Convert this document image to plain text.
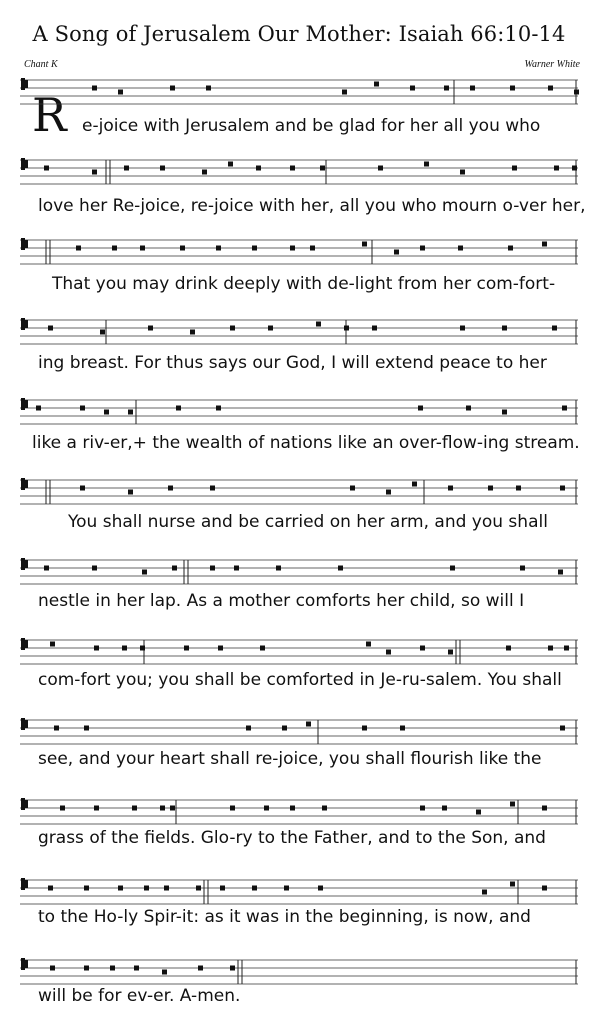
A Song of Jerusalem Our Mother: Isaiah 66:10-14
Chant K	Warner White
R e-joice with Jerusalem and be glad for her all you who
love her Re-joice, re-joice with her, all you who mourn o-ver her,
That you may drink deeply with de-light from her com-fort-
ing breast. For thus says our God, I will extend peace to her
like a riv-er,+ the wealth of nations like an over-flow-ing stream.
You shall nurse and be carried on her arm, and you shall
nestle in her lap. As a mother comforts her child, so will I
com-fort you; you shall be comforted in Je-ru-salem. You shall
see, and your heart shall re-joice, you shall flourish like the
grass of the fields. Glo-ry to the Father, and to the Son, and
to the Ho-ly Spir-it: as it was in the beginning, is now, and
will be for ev-er. A-men.
